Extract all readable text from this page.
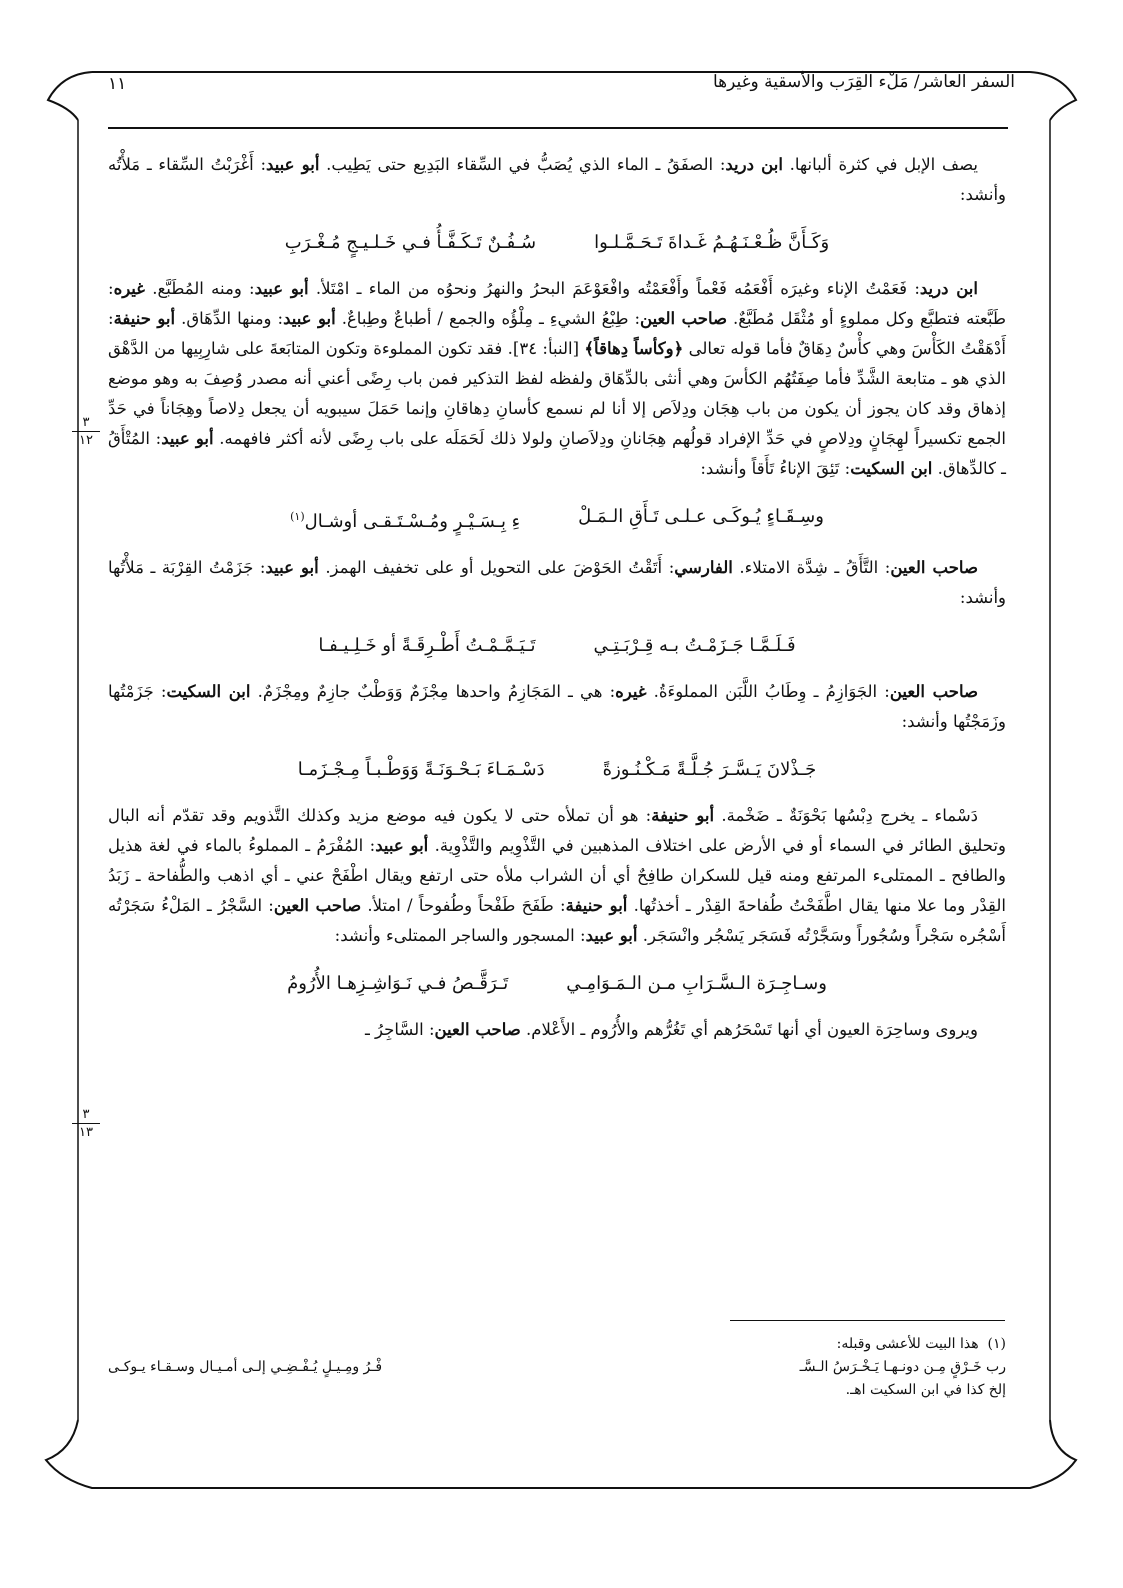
١١	السفر العاشر/ مَلْء القِرَب والأسقية وغيرها
٣
١٢
٣
١٣

يصف الإبل في كثرة ألبانها. ابن دريد: الصفَقُ ـ الماء الذي يُصَبُّ في السِّقاء البَدِيع حتى يَطِيب. أبو عبيد: أَغْرَبْتُ السِّقاء ـ مَلأْتُه وأنشد:

وَكَـأَنَّ ظُـعْـنَـهُـمُ غَـداةَ تَـحَـمَّـلـوا
سُـفُـنٌ تَـكَـفَّـأُ فـي خَـلـيـجٍ مُـغْـرَبِ

ابن دريد: فَعَمْتُ الإناء وغيرَه أَفْعَمُه فَعْماً وأَفْعَمْتُه وافْعَوْعَمَ البحرُ والنهرُ ونحوُه من الماء ـ امْتَلأ. أبو عبيد: ومنه المُطَبَّع. غيره: طَبَّعته فتطبَّع وكل مملوءٍ أو مُثْقَل مُطَبَّعٌ. صاحب العين: طِبْعُ الشيءِ ـ مِلْؤُه والجمع / أطباعٌ وطِباعٌ. أبو عبيد: ومنها الدِّهَاق. أبو حنيفة: أَدْهَقْتُ الكَأْسَ وهي كأْسٌ دِهَاقٌ فأما قوله تعالى ﴿وكأساً دِهاقاً﴾ [النبأ: ٣٤]. فقد تكون المملوءة وتكون المتابَعةَ على شارِبِيها من الدَّهْق الذي هو ـ متابعة الشَّدِّ فأما صِفَتُهُم الكأسَ وهي أنثى بالدِّهَاق ولفظه لفظ التذكير فمن باب رِضًى أعني أنه مصدر وُصِفَ به وهو موضع إذهاق وقد كان يجوز أن يكون من باب هِجَان ودِلاَص إلا أنا لم نسمع كأسانِ دِهاقانِ وإنما حَمَلَ سيبويه أن يجعل دِلاصاً وهِجَاناً في حَدِّ الجمع تكسيراً لهِجَانٍ ودِلاصٍ في حَدِّ الإفراد قولُهم هِجَانانِ ودِلاَصانِ ولولا ذلك لَحَمَلَه على باب رِضًى لأنه أكثر فافهمه. أبو عبيد: المُتْأَقُ ـ كالدِّهاق. ابن السكيت: تَئِقَ الإناءُ تَأَقاً وأنشد:

وسِـقَـاءٍ يُـوكَـى عـلـى تَـأَقِ الـمَـلْ
ءِ بِـسَـيْـرٍ ومُـسْـتَـقـى أوشـال$^{(١)}$

صاحب العين: التَّأَقُ ـ شِدَّة الامتلاء. الفارسي: أَتَقْتُ الحَوْضَ على التحويل أو على تخفيف الهمز. أبو عبيد: جَزَمْتُ القِرْبَة ـ مَلأْتُها وأنشد:

فَـلَـمَّـا جَـزَمْـتُ بـه قِـرْبَـتِـي
تَـيَـمَّـمْـتُ أَطْـرِقَـةً أو خَـلِـيـفـا

صاحب العين: الجَوَازِمُ ـ وِطَابُ اللَّبَن المملوءَةُ. غيره: هي ـ المَجَازِمُ واحدها مِجْزَمٌ وَوَطْبٌ جازِمٌ ومِجْزَمٌ. ابن السكيت: جَزَمْتُها وزَمَجْتُها وأنشد:

جَـذْلانَ يَـسَّـرَ جُـلَّـةً مَـكْـنُـوزةً
دَسْـمَـاءَ بَـحْـوَنَـةً وَوَطْـبـاً مِـجْـزَمـا

دَسْماء ـ يخرج دِبْسُها بَحْوَنَةٌ ـ ضَخْمة. أبو حنيفة: هو أن تملأه حتى لا يكون فيه موضع مزيد وكذلك التَّذويم وقد تقدّم أنه البال وتحليق الطائر في السماء أو في الأرض على اختلاف المذهبين في التَّذْوِيم والتَّذْوِية. أبو عبيد: المُفْرَمُ ـ المملوءُ بالماء في لغة هذيل والطافح ـ الممتلىء المرتفع ومنه قيل للسكران طافِحٌ أي أن الشراب ملأه حتى ارتفع ويقال اطْفَحْ عني ـ أي اذهب والطُّفاحة ـ زَبَدُ القِدْر وما علا منها يقال اطَّفَحْتُ طُفاحةَ القِدْر ـ أخذتُها. أبو حنيفة: طَفَحَ طَفْحاً وطُفوحاً / امتلأ. صاحب العين: السَّجْرُ ـ المَلْءُ سَجَرْتُه أَسْجُره سَجْراً وسُجُوراً وسَجَّرْتُه فَسَجَر يَسْجُر وانْسَجَر. أبو عبيد: المسجور والساجر الممتلىء وأنشد:

وسـاجِـرَة الـسَّـرَابِ مـن الـمَـوَامِـي
تَـرَقَّـصُ فـي نَـوَاشِـزِهـا الأُرُومُ

ويروى وساحِرَة العيون أي أنها تَسْحَرُهم أي تَغُرُّهم والأُرُوم ـ الأَعْلام. صاحب العين: السَّاجِرُ ـ

(١)  هذا البيت للأعشى وقبله:
رب خَـرْقٍ مِـن دونـهـا يَـخْـرَسُ الـسَّـ
فْـرُ ومِـيـلٍ يُـفْـضِـي إلـى أمـيـال وسـقـاء يـوكـى
إلخ كذا في ابن السكيت اهـ.
